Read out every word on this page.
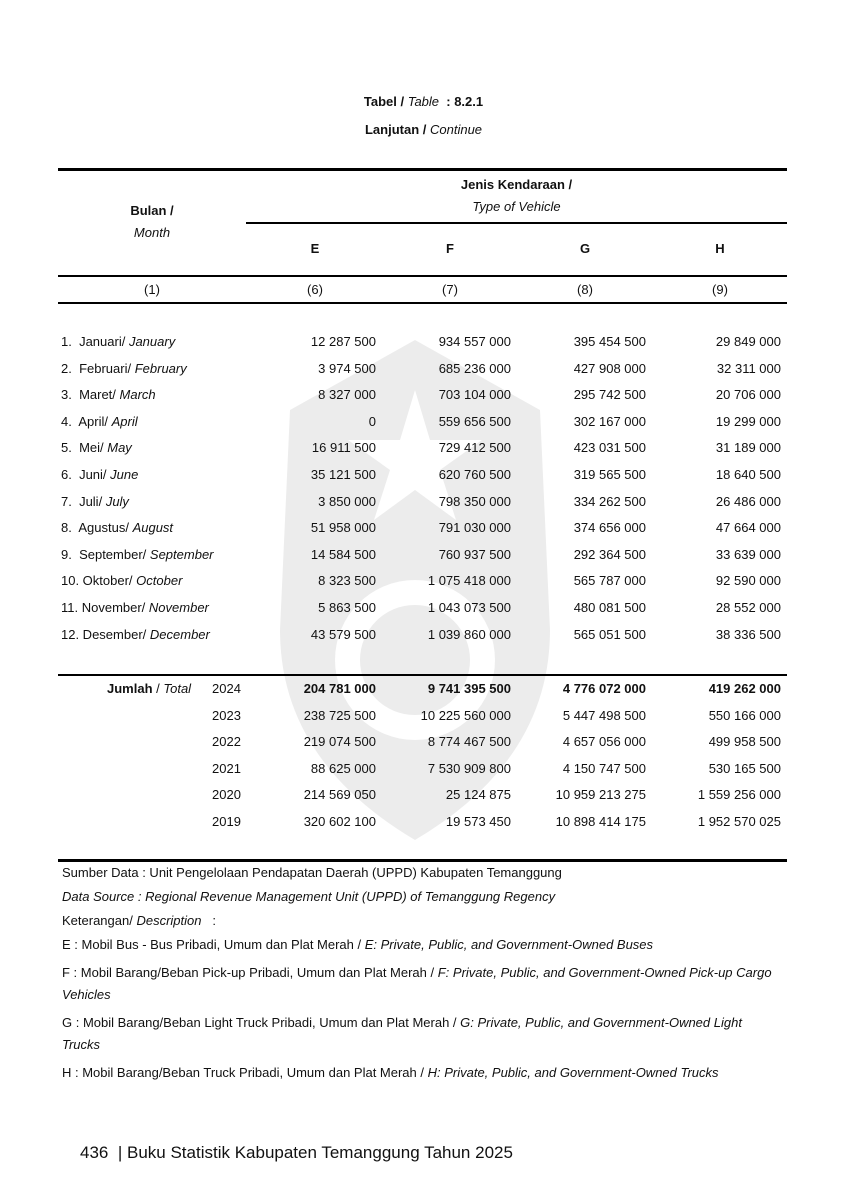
Tabel / Table : 8.2.1
Lanjutan / Continue
Bulan /
Month
Jenis Kendaraan /
Type of Vehicle
E	F	G	H
(1)	(6)	(7)	(8)	(9)
1.  Januari/ January	12 287 500	934 557 000	395 454 500	29 849 000
2.  Februari/ February	3 974 500	685 236 000	427 908 000	32 311 000
3.  Maret/ March	8 327 000	703 104 000	295 742 500	20 706 000
4.  April/ April	0	559 656 500	302 167 000	19 299 000
5.  Mei/ May	16 911 500	729 412 500	423 031 500	31 189 000
6.  Juni/ June	35 121 500	620 760 500	319 565 500	18 640 500
7.  Juli/ July	3 850 000	798 350 000	334 262 500	26 486 000
8.  Agustus/ August	51 958 000	791 030 000	374 656 000	47 664 000
9.  September/ September	14 584 500	760 937 500	292 364 500	33 639 000
10. Oktober/ October	8 323 500	1 075 418 000	565 787 000	92 590 000
11. November/ November	5 863 500	1 043 073 500	480 081 500	28 552 000
12. Desember/ December	43 579 500	1 039 860 000	565 051 500	38 336 500
Jumlah / Total 2024	204 781 000	9 741 395 500	4 776 072 000	419 262 000
2023	238 725 500	10 225 560 000	5 447 498 500	550 166 000
2022	219 074 500	8 774 467 500	4 657 056 000	499 958 500
2021	88 625 000	7 530 909 800	4 150 747 500	530 165 500
2020	214 569 050	25 124 875	10 959 213 275	1 559 256 000
2019	320 602 100	19 573 450	10 898 414 175	1 952 570 025
Sumber Data : Unit Pengelolaan Pendapatan Daerah (UPPD) Kabupaten Temanggung
Data Source : Regional Revenue Management Unit (UPPD) of Temanggung Regency
Keterangan/ Description   :
E : Mobil Bus - Bus Pribadi, Umum dan Plat Merah / E: Private, Public, and Government-Owned Buses
F : Mobil Barang/Beban Pick-up Pribadi, Umum dan Plat Merah / F: Private, Public, and Government-Owned Pick-up Cargo Vehicles
G : Mobil Barang/Beban Light Truck Pribadi, Umum dan Plat Merah / G: Private, Public, and Government-Owned Light Trucks
H : Mobil Barang/Beban Truck Pribadi, Umum dan Plat Merah / H: Private, Public, and Government-Owned Trucks
436 | Buku Statistik Kabupaten Temanggung Tahun 2025
